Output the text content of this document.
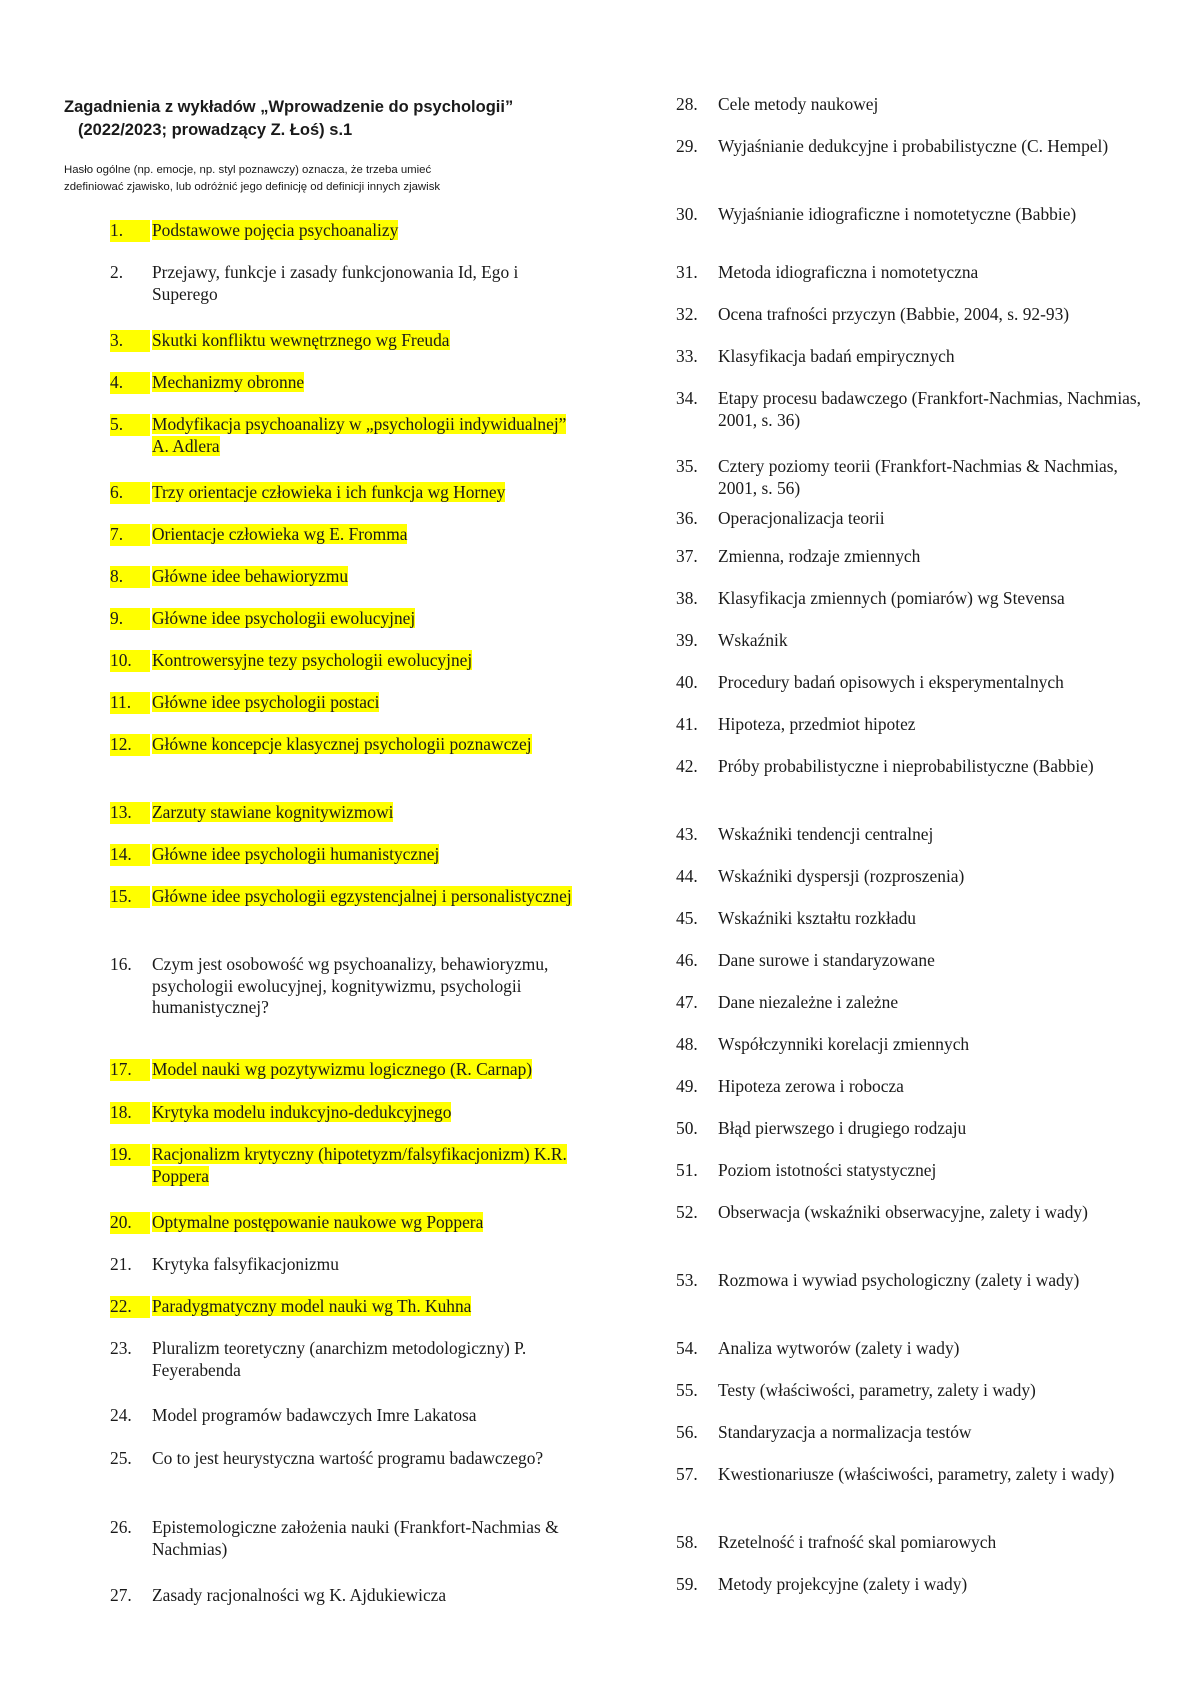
Zagadnienia z wykładów „Wprowadzenie do psychologii”
(2022/2023; prowadzący Z. Łoś) s.1
Hasło ogólne (np. emocje, np. styl poznawczy) oznacza, że trzeba umieć
zdefiniować zjawisko, lub odróżnić jego definicję od definicji innych zjawisk
1.	Podstawowe pojęcia psychoanalizy
2.	Przejawy, funkcje i zasady funkcjonowania Id, Ego i Superego
3.	Skutki konfliktu wewnętrznego wg Freuda
4.	Mechanizmy obronne
5.	Modyfikacja psychoanalizy w „psychologii indywidualnej” A. Adlera
6.	Trzy orientacje człowieka i ich funkcja wg Horney
7.	Orientacje człowieka wg E. Fromma
8.	Główne idee behawioryzmu
9.	Główne idee psychologii ewolucyjnej
10.	Kontrowersyjne tezy psychologii ewolucyjnej
11.	Główne idee psychologii postaci
12.	Główne koncepcje klasycznej psychologii poznawczej
13.	Zarzuty stawiane kognitywizmowi
14.	Główne idee psychologii humanistycznej
15.	Główne idee psychologii egzystencjalnej i personalistycznej
16.	Czym jest osobowość wg psychoanalizy, behawioryzmu, psychologii ewolucyjnej, kognitywizmu, psychologii humanistycznej?
17.	Model nauki wg pozytywizmu logicznego (R. Carnap)
18.	Krytyka modelu indukcyjno-dedukcyjnego
19.	Racjonalizm krytyczny (hipotetyzm/falsyfikacjonizm) K.R. Poppera
20.	Optymalne postępowanie naukowe wg Poppera
21.	Krytyka falsyfikacjonizmu
22.	Paradygmatyczny model nauki wg Th. Kuhna
23.	Pluralizm teoretyczny (anarchizm metodologiczny) P. Feyerabenda
24.	Model programów badawczych Imre Lakatosa
25.	Co to jest heurystyczna wartość programu badawczego?
26.	Epistemologiczne założenia nauki (Frankfort-Nachmias & Nachmias)
27.	Zasady racjonalności wg K. Ajdukiewicza
28.	Cele metody naukowej
29.	Wyjaśnianie dedukcyjne i probabilistyczne (C. Hempel)
30.	Wyjaśnianie idiograficzne i nomotetyczne (Babbie)
31.	Metoda idiograficzna i nomotetyczna
32.	Ocena trafności przyczyn (Babbie, 2004, s. 92-93)
33.	Klasyfikacja badań empirycznych
34.	Etapy procesu badawczego (Frankfort-Nachmias, Nachmias, 2001, s. 36)
35.	Cztery poziomy teorii (Frankfort-Nachmias & Nachmias, 2001, s. 56)
36.	Operacjonalizacja teorii
37.	Zmienna, rodzaje zmiennych
38.	Klasyfikacja zmiennych (pomiarów) wg Stevensa
39.	Wskaźnik
40.	Procedury badań opisowych i eksperymentalnych
41.	Hipoteza, przedmiot hipotez
42.	Próby probabilistyczne i nieprobabilistyczne (Babbie)
43.	Wskaźniki tendencji centralnej
44.	Wskaźniki dyspersji (rozproszenia)
45.	Wskaźniki kształtu rozkładu
46.	Dane surowe i standaryzowane
47.	Dane niezależne i zależne
48.	Współczynniki korelacji zmiennych
49.	Hipoteza zerowa i robocza
50.	Błąd pierwszego i drugiego rodzaju
51.	Poziom istotności statystycznej
52.	Obserwacja (wskaźniki obserwacyjne, zalety i wady)
53.	Rozmowa i wywiad psychologiczny (zalety i wady)
54.	Analiza wytworów (zalety i wady)
55.	Testy (właściwości, parametry, zalety i wady)
56.	Standaryzacja a normalizacja testów
57.	Kwestionariusze (właściwości, parametry, zalety i wady)
58.	Rzetelność i trafność skal pomiarowych
59.	Metody projekcyjne (zalety i wady)
